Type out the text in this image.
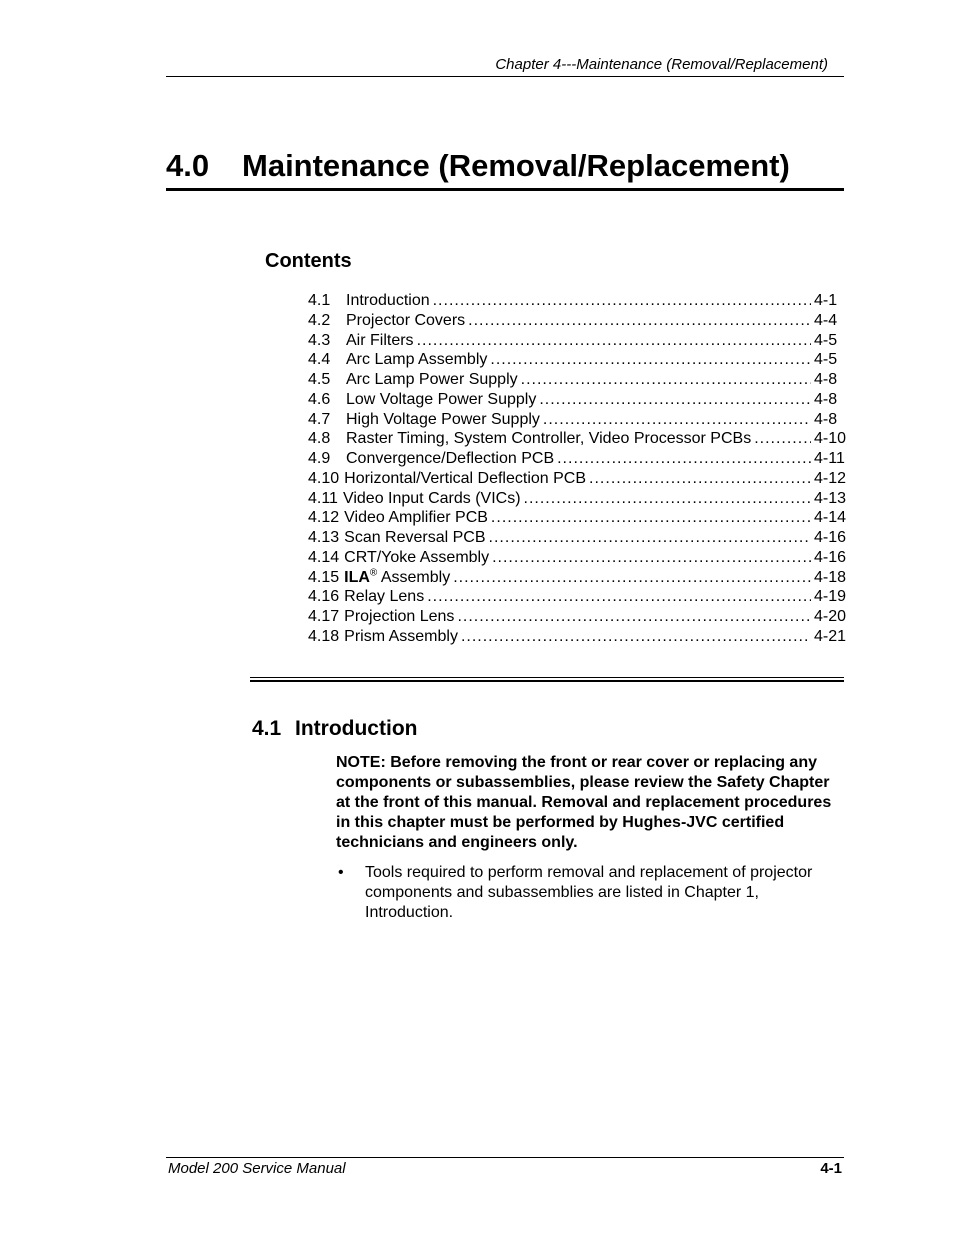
Chapter 4---Maintenance (Removal/Replacement)
4.0 Maintenance (Removal/Replacement)
Contents
4.1 Introduction .....	4-1
4.2 Projector Covers .....	4-4
4.3 Air Filters .....	4-5
4.4 Arc Lamp Assembly .....	4-5
4.5 Arc Lamp Power Supply .....	4-8
4.6 Low Voltage Power Supply .....	4-8
4.7 High Voltage Power Supply .....	4-8
4.8 Raster Timing, System Controller, Video Processor PCBs .....	4-10
4.9 Convergence/Deflection PCB .....	4-11
4.10 Horizontal/Vertical Deflection PCB .....	4-12
4.11 Video Input Cards (VICs) .....	4-13
4.12 Video Amplifier PCB .....	4-14
4.13 Scan Reversal PCB .....	4-16
4.14 CRT/Yoke Assembly .....	4-16
4.15 ILA® Assembly .....	4-18
4.16 Relay Lens .....	4-19
4.17 Projection Lens .....	4-20
4.18 Prism Assembly .....	4-21
4.1 Introduction
NOTE: Before removing the front or rear cover or replacing any components or subassemblies, please review the Safety Chapter at the front of this manual. Removal and replacement procedures in this chapter must be performed by Hughes-JVC certified technicians and engineers only.
•	Tools required to perform removal and replacement of projector components and subassemblies are listed in Chapter 1, Introduction.
Model 200 Service Manual	4-1
